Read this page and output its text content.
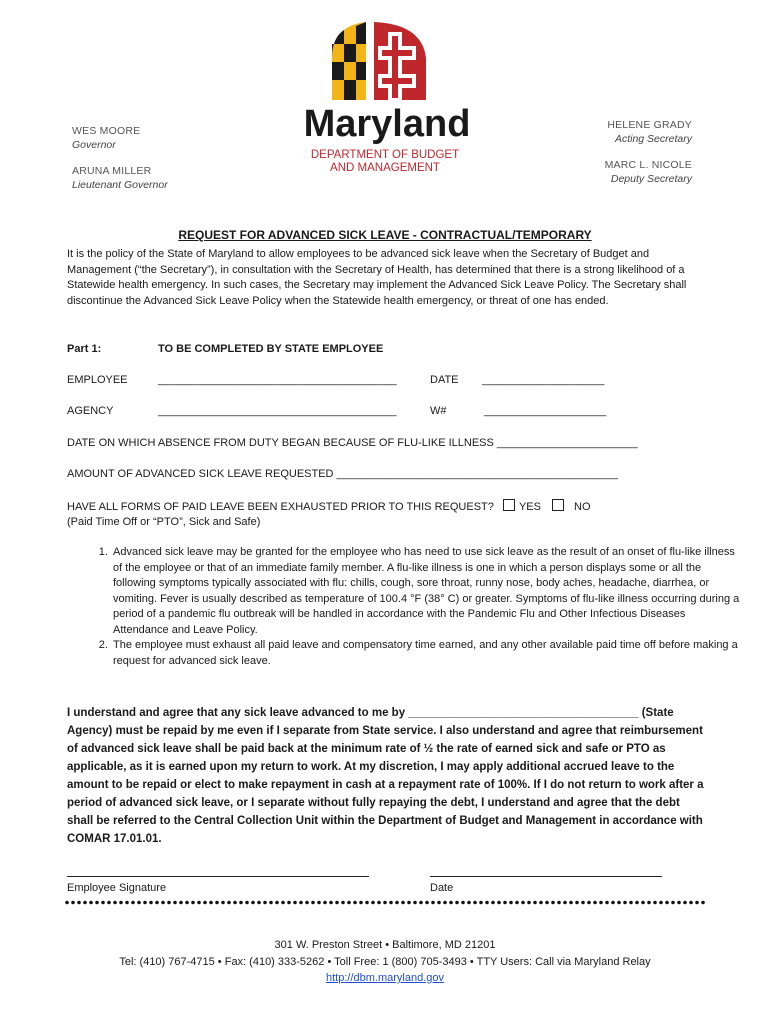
Maryland
DEPARTMENT OF BUDGET
AND MANAGEMENT
WES MOORE
Governor
ARUNA MILLER
Lieutenant Governor
HELENE GRADY
Acting Secretary
MARC L. NICOLE
Deputy Secretary
REQUEST FOR ADVANCED SICK LEAVE - CONTRACTUAL/TEMPORARY
It is the policy of the State of Maryland to allow employees to be advanced sick leave when the Secretary of Budget and Management (“the Secretary”), in consultation with the Secretary of Health, has determined that there is a strong likelihood of a Statewide health emergency. In such cases, the Secretary may implement the Advanced Sick Leave Policy. The Secretary shall discontinue the Advanced Sick Leave Policy when the Statewide health emergency, or threat of one has ended.
Part 1:	TO BE COMPLETED BY STATE EMPLOYEE
EMPLOYEE	_______________________________________	DATE ____________________
AGENCY	_______________________________________	W#	____________________
DATE ON WHICH ABSENCE FROM DUTY BEGAN BECAUSE OF FLU-LIKE ILLNESS _______________________
AMOUNT OF ADVANCED SICK LEAVE REQUESTED ______________________________________________
HAVE ALL FORMS OF PAID LEAVE BEEN EXHAUSTED PRIOR TO THIS REQUEST? YES	NO
(Paid Time Off or “PTO”, Sick and Safe)
1. Advanced sick leave may be granted for the employee who has need to use sick leave as the result of an onset of flu-like illness of the employee or that of an immediate family member. A flu-like illness is one in which a person displays some or all the following symptoms typically associated with flu: chills, cough, sore throat, runny nose, body aches, headache, diarrhea, or vomiting. Fever is usually described as temperature of 100.4 °F (38° C) or greater. Symptoms of flu-like illness occurring during a period of a pandemic flu outbreak will be handled in accordance with the Pandemic Flu and Other Infectious Diseases Attendance and Leave Policy.
2. The employee must exhaust all paid leave and compensatory time earned, and any other available paid time off before making a request for advanced sick leave.
I understand and agree that any sick leave advanced to me by ____________________________________ (State Agency) must be repaid by me even if I separate from State service. I also understand and agree that reimbursement of advanced sick leave shall be paid back at the minimum rate of ½ the rate of earned sick and safe or PTO as applicable, as it is earned upon my return to work. At my discretion, I may apply additional accrued leave to the amount to be repaid or elect to make repayment in cash at a repayment rate of 100%. If I do not return to work after a period of advanced sick leave, or I separate without fully repaying the debt, I understand and agree that the debt shall be referred to the Central Collection Unit within the Department of Budget and Management in accordance with COMAR 17.01.01.
Employee Signature	Date
301 W. Preston Street • Baltimore, MD 21201
Tel: (410) 767-4715 • Fax: (410) 333-5262 • Toll Free: 1 (800) 705-3493 • TTY Users: Call via Maryland Relay
http://dbm.maryland.gov
